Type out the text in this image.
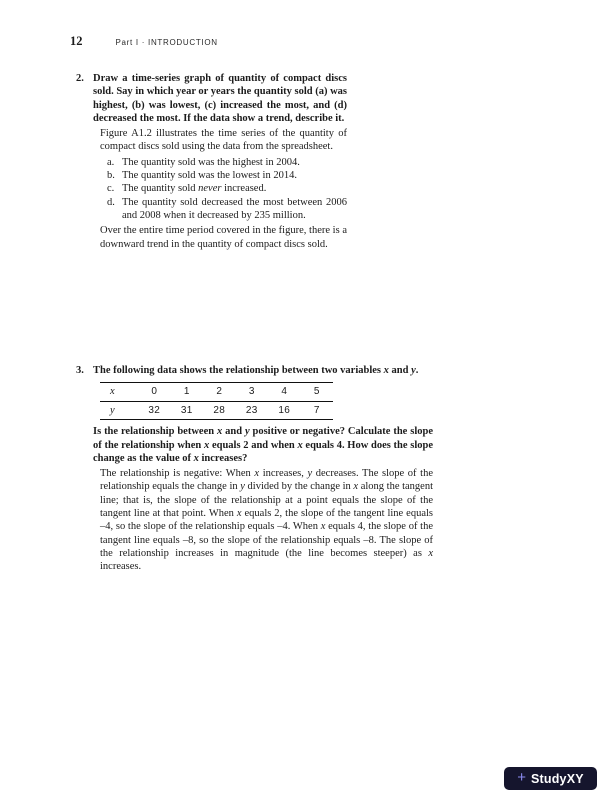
12	Part I · INTRODUCTION
2. Draw a time-series graph of quantity of compact discs sold. Say in which year or years the quantity sold (a) was highest, (b) was lowest, (c) increased the most, and (d) decreased the most. If the data show a trend, describe it.

Figure A1.2 illustrates the time series of the quantity of compact discs sold using the data from the spreadsheet.

a. The quantity sold was the highest in 2004.
b. The quantity sold was the lowest in 2014.
c. The quantity sold never increased.
d. The quantity sold decreased the most between 2006 and 2008 when it decreased by 235 million.

Over the entire time period covered in the figure, there is a downward trend in the quantity of compact discs sold.

3. The following data shows the relationship between two variables x and y.

x	0	1	2	3	4	5
y	32	31	28	23	16	7

Is the relationship between x and y positive or negative? Calculate the slope of the relationship when x equals 2 and when x equals 4. How does the slope change as the value of x increases?

The relationship is negative: When x increases, y decreases. The slope of the relationship equals the change in y divided by the change in x along the tangent line; that is, the slope of the relationship at a point equals the slope of the tangent line at that point. When x equals 2, the slope of the tangent line equals –4, so the slope of the relationship equals –4. When x equals 4, the slope of the tangent line equals –8, so the slope of the relationship equals –8. The slope of the relationship increases in magnitude (the line becomes steeper) as x increases.

+ StudyXY
